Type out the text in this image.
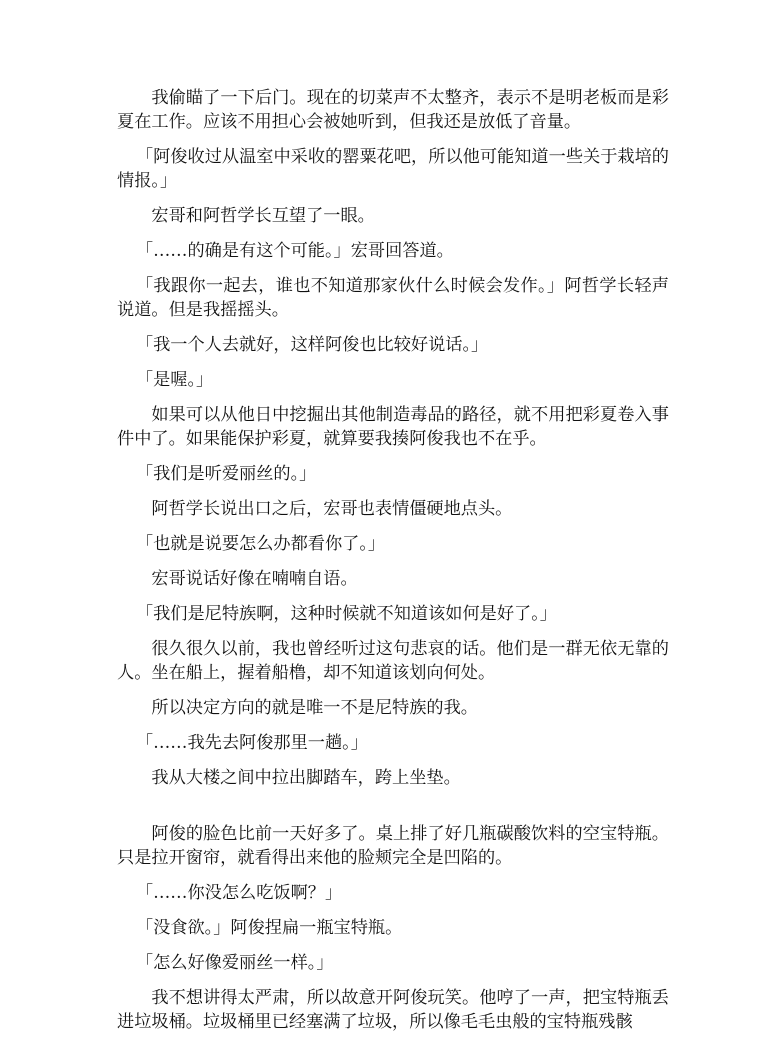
我偷瞄了一下后门。现在的切菜声不太整齐，表示不是明老板而是彩夏在工作。应该不用担心会被她听到，但我还是放低了音量。

「阿俊收过从温室中采收的罂粟花吧，所以他可能知道一些关于栽培的情报。」

宏哥和阿哲学长互望了一眼。

「……的确是有这个可能。」宏哥回答道。

「我跟你一起去，谁也不知道那家伙什么时候会发作。」阿哲学长轻声说道。但是我摇摇头。

「我一个人去就好，这样阿俊也比较好说话。」

「是喔。」

如果可以从他日中挖掘出其他制造毒品的路径，就不用把彩夏卷入事件中了。如果能保护彩夏，就算要我揍阿俊我也不在乎。

「我们是听爱丽丝的。」

阿哲学长说出口之后，宏哥也表情僵硬地点头。

「也就是说要怎么办都看你了。」

宏哥说话好像在喃喃自语。

「我们是尼特族啊，这种时候就不知道该如何是好了。」

很久很久以前，我也曾经听过这句悲哀的话。他们是一群无依无靠的人。坐在船上，握着船橹，却不知道该划向何处。

所以决定方向的就是唯一不是尼特族的我。

「……我先去阿俊那里一趟。」

我从大楼之间中拉出脚踏车，跨上坐垫。

阿俊的脸色比前一天好多了。桌上排了好几瓶碳酸饮料的空宝特瓶。只是拉开窗帘，就看得出来他的脸颊完全是凹陷的。

「……你没怎么吃饭啊？」

「没食欲。」阿俊捏扁一瓶宝特瓶。

「怎么好像爱丽丝一样。」

我不想讲得太严肃，所以故意开阿俊玩笑。他哼了一声，把宝特瓶丢进垃圾桶。垃圾桶里已经塞满了垃圾，所以像毛毛虫般的宝特瓶残骸
